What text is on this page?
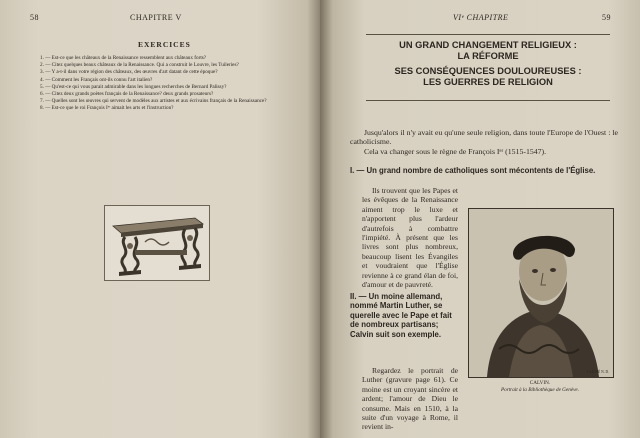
58	CHAPITRE V
EXERCICES

1. — Est-ce que les châteaux de la Renaissance ressemblent aux châteaux forts?

2. — Citez quelques beaux châteaux de la Renaissance. Qui a construit le Louvre, les Tuileries?

3. — Y a-t-il dans votre région des châteaux, des œuvres d'art datant de cette époque?

4. — Comment les Français ont-ils connu l'art italien?

5. — Qu'est-ce qui vous parait admirable dans les longues recherches de Bernard Palissy?

6. — Citez deux grands poètes français de la Renaissance? deux grands prosateurs?

7. — Quelles sont les œuvres qui servent de modèles aux artistes et aux écrivains français de la Renaissance?

8. — Est-ce que le roi François Iᵉʳ aimait les arts et l'instruction?

VIᵉ CHAPITRE	59
UN GRAND CHANGEMENT RELIGIEUX :
LA RÉFORME
SES CONSÉQUENCES DOULOUREUSES :
LES GUERRES DE RELIGION

Jusqu'alors il n'y avait eu qu'une seule religion, dans toute l'Europe de l'Ouest : le catholicisme.

Cela va changer sous le règne de François Iᵉʳ (1515-1547).

I. — Un grand nombre de catholiques sont mécontents de l'Église.
Ils trouvent que les Papes et les évêques de la Renaissance aiment trop le luxe et n'apportent plus l'ardeur d'autrefois à combattre l'impiété. À présent que les livres sont plus nombreux, beaucoup lisent les Évangiles et voudraient que l'Église revienne à ce grand élan de foi, d'amour et de pauvreté.
CLICHÉ N. D.
CALVIN.
Portrait à la Bibliothèque de Genève.
II. — Un moine allemand, nommé Martin Luther, se querelle avec le Pape et fait de nombreux partisans; Calvin suit son exemple.
Regardez le portrait de Luther (gravure page 61). Ce moine est un croyant sincère et ardent; l'amour de Dieu le consume. Mais en 1510, à la suite d'un voyage à Rome, il revient in-
